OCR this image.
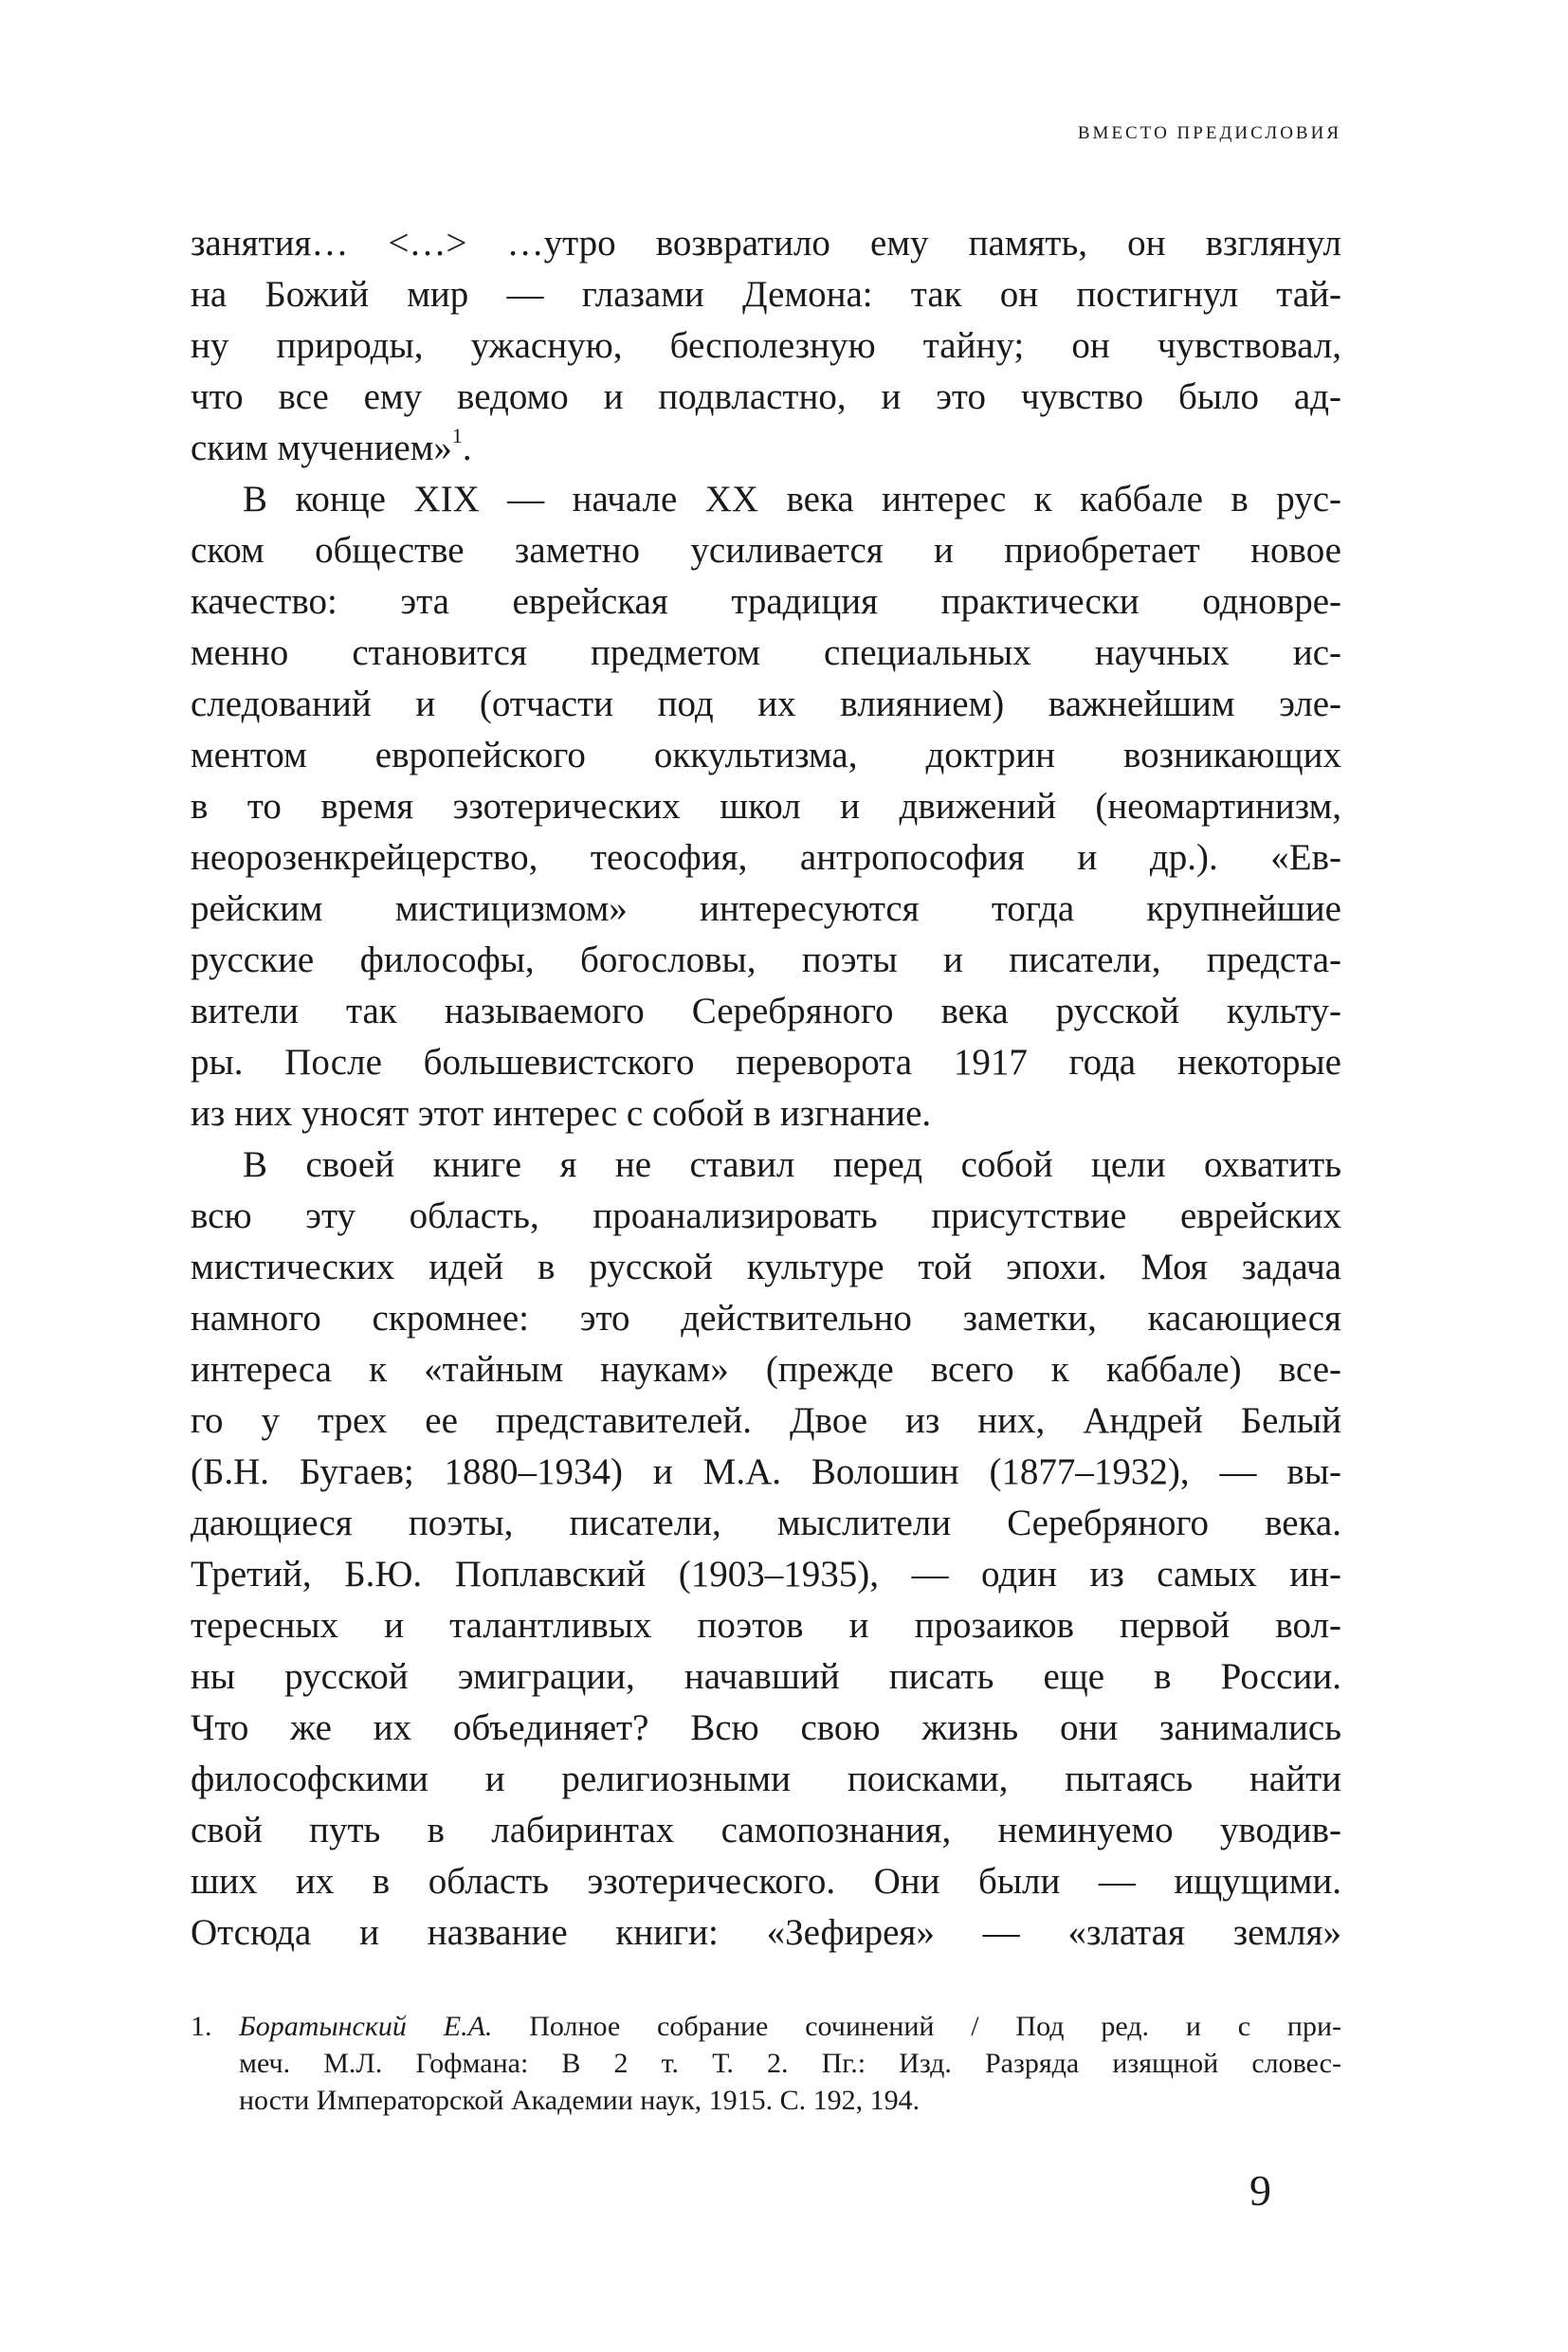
ВМЕСТО ПРЕДИСЛОВИЯ
занятия… <…> …утро возвратило ему память, он взглянул
на Божий мир — глазами Демона: так он постигнул тай-
ну природы, ужасную, бесполезную тайну; он чувствовал,
что все ему ведомо и подвластно, и это чувство было ад-
ским мучением»$^1$.
В конце XIX — начале XX века интерес к каббале в рус-
ском обществе заметно усиливается и приобретает новое
качество: эта еврейская традиция практически одновре-
менно становится предметом специальных научных ис-
следований и (отчасти под их влиянием) важнейшим эле-
ментом европейского оккультизма, доктрин возникающих
в то время эзотерических школ и движений (неомартинизм,
неорозенкрейцерство, теософия, антропософия и др.). «Ев-
рейским мистицизмом» интересуются тогда крупнейшие
русские философы, богословы, поэты и писатели, предста-
вители так называемого Серебряного века русской культу-
ры. После большевистского переворота 1917 года некоторые
из них уносят этот интерес с собой в изгнание.
В своей книге я не ставил перед собой цели охватить
всю эту область, проанализировать присутствие еврейских
мистических идей в русской культуре той эпохи. Моя задача
намного скромнее: это действительно заметки, касающиеся
интереса к «тайным наукам» (прежде всего к каббале) все-
го у трех ее представителей. Двое из них, Андрей Белый
(Б.Н. Бугаев; 1880–1934) и М.А. Волошин (1877–1932), — вы-
дающиеся поэты, писатели, мыслители Серебряного века.
Третий, Б.Ю. Поплавский (1903–1935), — один из самых ин-
тересных и талантливых поэтов и прозаиков первой вол-
ны русской эмиграции, начавший писать еще в России.
Что же их объединяет? Всю свою жизнь они занимались
философскими и религиозными поисками, пытаясь найти
свой путь в лабиринтах самопознания, неминуемо уводив-
ших их в область эзотерического. Они были — ищущими.
Отсюда и название книги: «Зефирея» — «златая земля»
1. Боратынский Е.А. Полное собрание сочинений / Под ред. и с при-
меч. М.Л. Гофмана: В 2 т. Т. 2. Пг.: Изд. Разряда изящной словес-
ности Императорской Академии наук, 1915. С. 192, 194.
9
